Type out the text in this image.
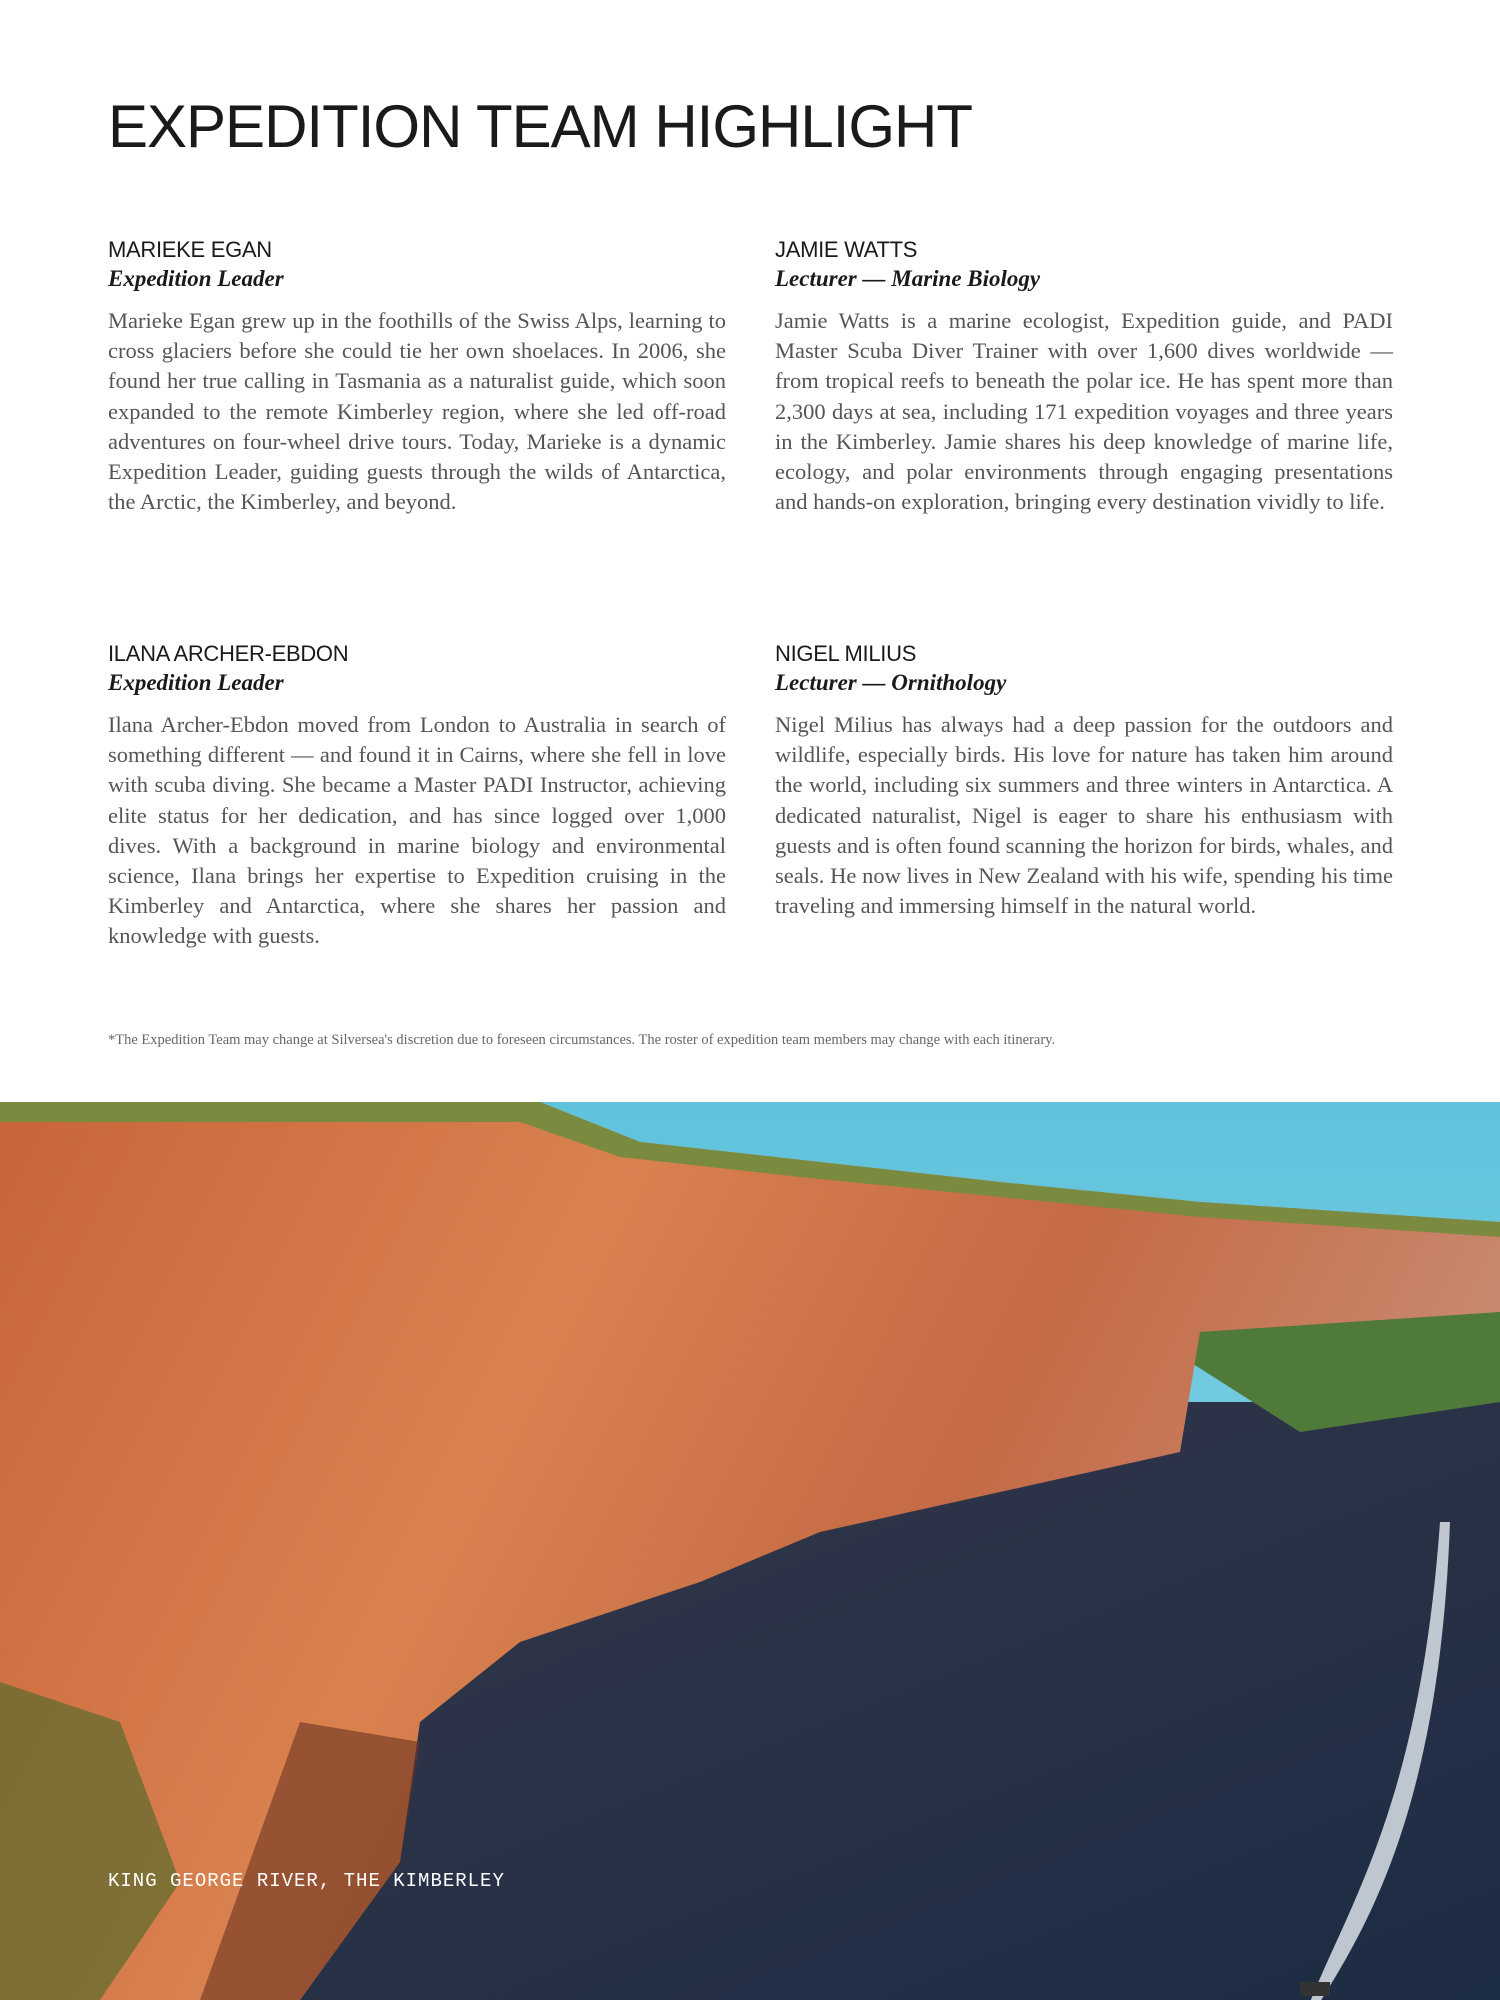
EXPEDITION TEAM HIGHLIGHT
MARIEKE EGAN
Expedition Leader
Marieke Egan grew up in the foothills of the Swiss Alps, learning to cross glaciers before she could tie her own shoelaces. In 2006, she found her true calling in Tasmania as a naturalist guide, which soon expanded to the remote Kimberley region, where she led off-road adventures on four-wheel drive tours. Today, Marieke is a dynamic Expedition Leader, guiding guests through the wilds of Antarctica, the Arctic, the Kimberley, and beyond.
JAMIE WATTS
Lecturer — Marine Biology
Jamie Watts is a marine ecologist, Expedition guide, and PADI Master Scuba Diver Trainer with over 1,600 dives worldwide — from tropical reefs to beneath the polar ice. He has spent more than 2,300 days at sea, including 171 expedition voyages and three years in the Kimberley. Jamie shares his deep knowledge of marine life, ecology, and polar environments through engaging presentations and hands-on exploration, bringing every destination vividly to life.
ILANA ARCHER-EBDON
Expedition Leader
Ilana Archer-Ebdon moved from London to Australia in search of something different — and found it in Cairns, where she fell in love with scuba diving. She became a Master PADI Instructor, achieving elite status for her dedication, and has since logged over 1,000 dives. With a background in marine biology and environmental science, Ilana brings her expertise to Expedition cruising in the Kimberley and Antarctica, where she shares her passion and knowledge with guests.
NIGEL MILIUS
Lecturer — Ornithology
Nigel Milius has always had a deep passion for the outdoors and wildlife, especially birds. His love for nature has taken him around the world, including six summers and three winters in Antarctica. A dedicated naturalist, Nigel is eager to share his enthusiasm with guests and is often found scanning the horizon for birds, whales, and seals. He now lives in New Zealand with his wife, spending his time traveling and immersing himself in the natural world.
*The Expedition Team may change at Silversea's discretion due to foreseen circumstances. The roster of expedition team members may change with each itinerary.
KING GEORGE RIVER, THE KIMBERLEY
